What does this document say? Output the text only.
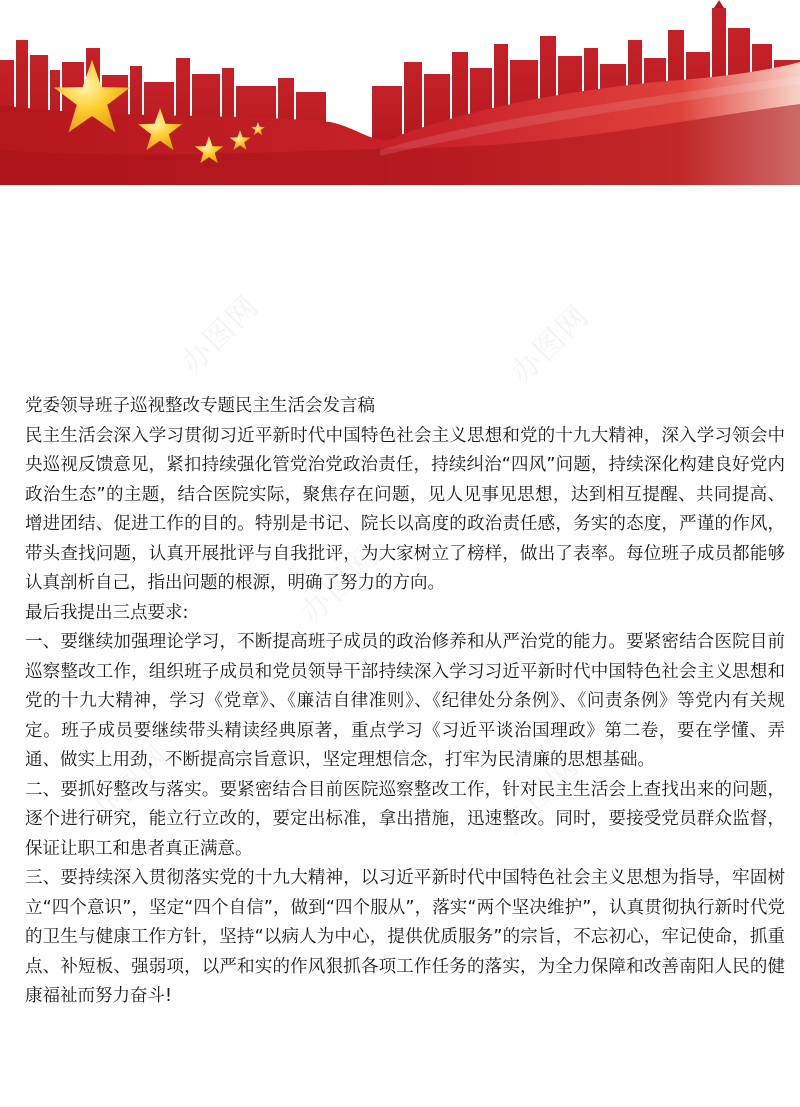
办图网	办图网
办图网
办图网	办图网

党委领导班子巡视整改专题民主生活会发言稿

民主生活会深入学习贯彻习近平新时代中国特色社会主义思想和党的十九大精神，深入学习领会中央巡视反馈意见，紧扣持续强化管党治党政治责任，持续纠治“四风”问题，持续深化构建良好党内政治生态”的主题，结合医院实际，聚焦存在问题，见人见事见思想，达到相互提醒、共同提高、增进团结、促进工作的目的。特别是书记、院长以高度的政治责任感，务实的态度，严谨的作风，带头查找问题，认真开展批评与自我批评，为大家树立了榜样，做出了表率。每位班子成员都能够认真剖析自己，指出问题的根源，明确了努力的方向。

最后我提出三点要求:

一、要继续加强理论学习，不断提高班子成员的政治修养和从严治党的能力。要紧密结合医院目前巡察整改工作，组织班子成员和党员领导干部持续深入学习习近平新时代中国特色社会主义思想和党的十九大精神，学习《党章》、《廉洁自律准则》、《纪律处分条例》、《问责条例》等党内有关规定。班子成员要继续带头精读经典原著，重点学习《习近平谈治国理政》第二卷，要在学懂、弄通、做实上用劲，不断提高宗旨意识，坚定理想信念，打牢为民清廉的思想基础。

二、要抓好整改与落实。要紧密结合目前医院巡察整改工作，针对民主生活会上查找出来的问题，逐个进行研究，能立行立改的，要定出标准，拿出措施，迅速整改。同时，要接受党员群众监督，保证让职工和患者真正满意。

三、要持续深入贯彻落实党的十九大精神，以习近平新时代中国特色社会主义思想为指导，牢固树立“四个意识”，坚定“四个自信”，做到“四个服从”，落实“两个坚决维护”，认真贯彻执行新时代党的卫生与健康工作方针，坚持“以病人为中心，提供优质服务”的宗旨，不忘初心，牢记使命，抓重点、补短板、强弱项，以严和实的作风狠抓各项工作任务的落实，为全力保障和改善南阳人民的健康福祉而努力奋斗!
